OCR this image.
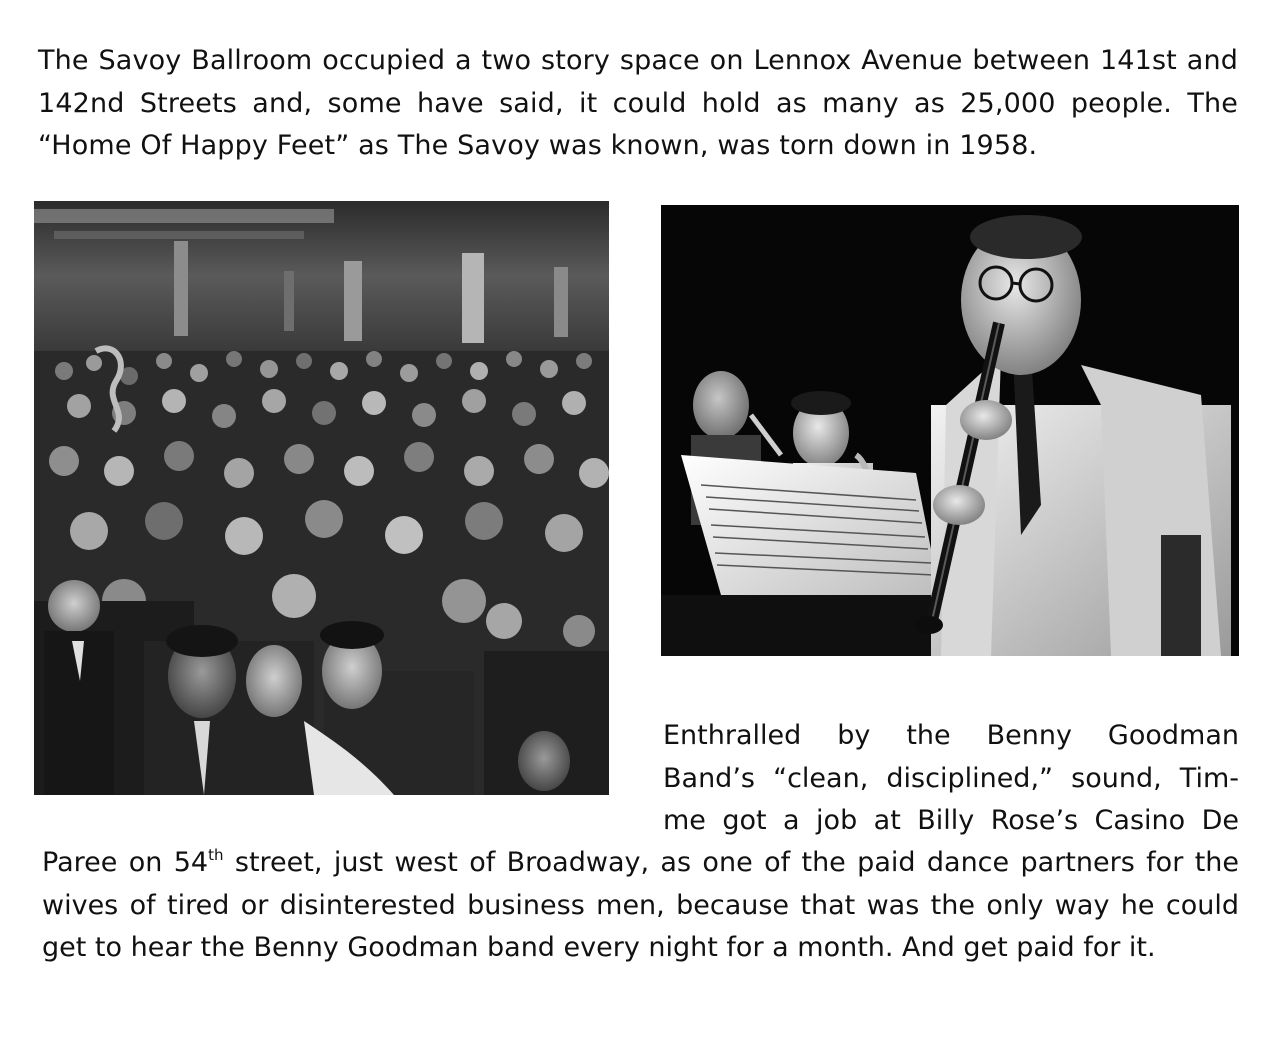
The Savoy Ballroom occupied a two story space on Lennox Avenue between 141st and 142nd Streets and, some have said, it could hold as many as 25,000 people. The “Home Of Happy Feet” as The Savoy was known, was torn down in 1958.

Enthralled by the Benny Goodman
Band’s “clean, disciplined,” sound, Tim-
me got a job at Billy Rose’s Casino De

Paree on 54th street, just west of Broadway, as one of the paid dance partners for the wives of tired or disinterested business men, because that was the only way he could get to hear the Benny Goodman band every night for a month. And get paid for it.
